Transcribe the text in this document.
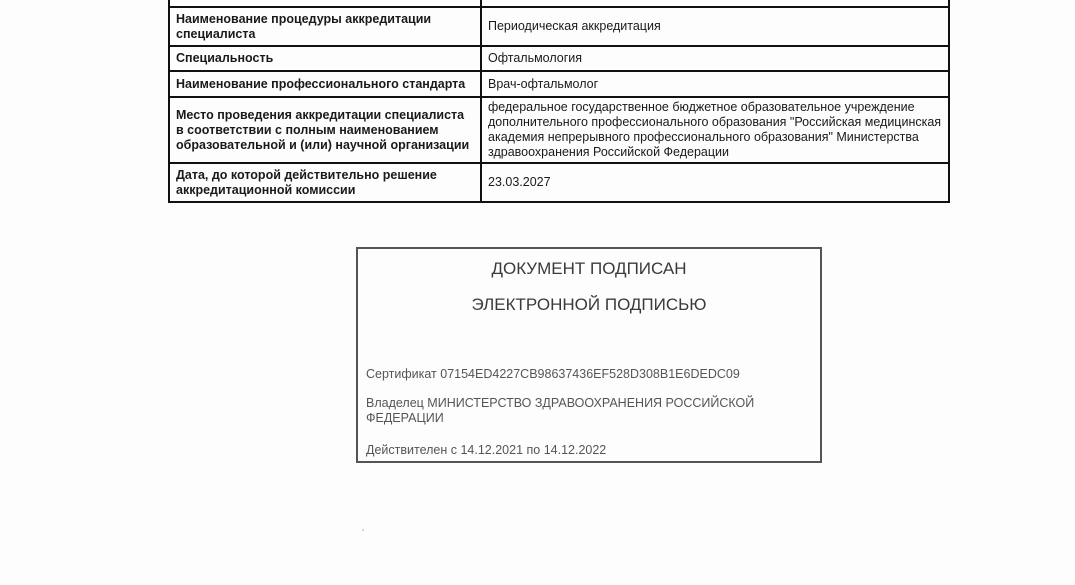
Наименование процедуры аккредитации специалиста	Периодическая аккредитация
Специальность	Офтальмология
Наименование профессионального стандарта	Врач-офтальмолог
Место проведения аккредитации специалиста в соответствии с полным наименованием образовательной и (или) научной организации	федеральное государственное бюджетное образовательное учреждение дополнительного профессионального образования "Российская медицинская академия непрерывного профессионального образования" Министерства здравоохранения Российской Федерации
Дата, до которой действительно решение аккредитационной комиссии	23.03.2027
ДОКУМЕНТ ПОДПИСАН
ЭЛЕКТРОННОЙ ПОДПИСЬЮ
Сертификат 07154ED4227CB98637436EF528D308B1E6DEDC09
Владелец МИНИСТЕРСТВО ЗДРАВООХРАНЕНИЯ РОССИЙСКОЙ ФЕДЕРАЦИИ
Действителен с 14.12.2021 по 14.12.2022
ʻ
